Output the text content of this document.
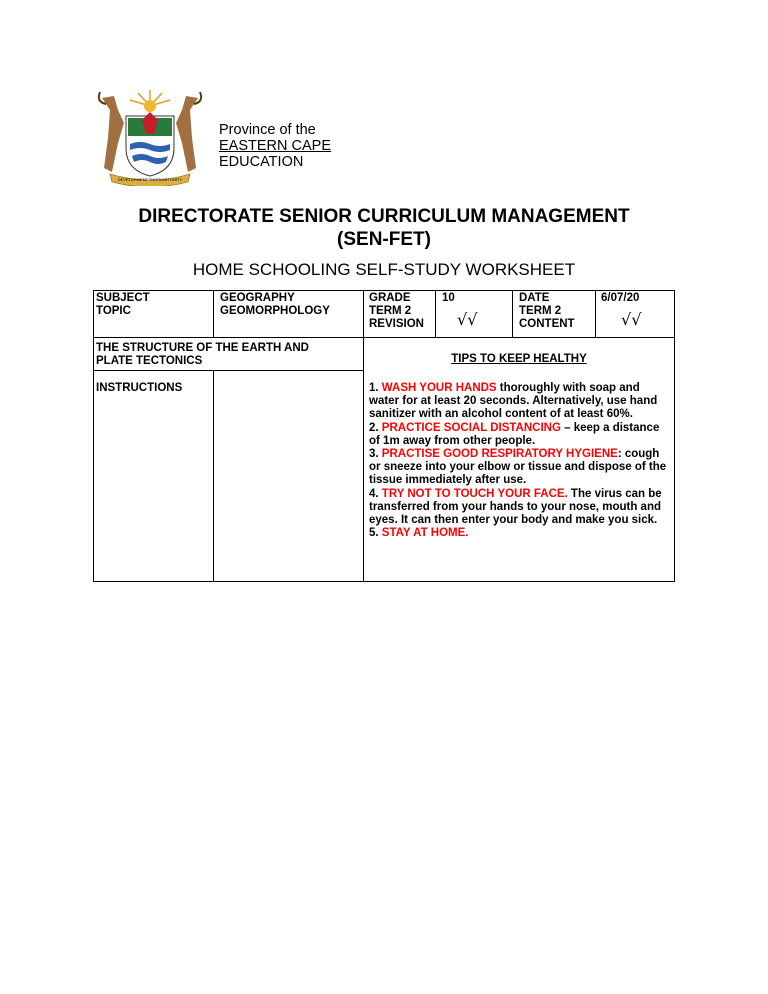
DEVELOPMENT THROUGH UNITY
Province of the
EASTERN CAPE
EDUCATION
DIRECTORATE SENIOR CURRICULUM MANAGEMENT
(SEN-FET)
HOME SCHOOLING SELF-STUDY WORKSHEET
SUBJECT
TOPIC
GEOGRAPHY
GEOMORPHOLOGY
GRADE
TERM 2
REVISION
10
√√
DATE
TERM 2
CONTENT
6/07/20
√√
THE STRUCTURE OF THE EARTH AND
PLATE TECTONICS
INSTRUCTIONS
TIPS TO KEEP HEALTHY

1. WASH YOUR HANDS thoroughly with soap and water for at least 20 seconds. Alternatively, use hand sanitizer with an alcohol content of at least 60%.

2. PRACTICE SOCIAL DISTANCING – keep a distance of 1m away from other people.

3. PRACTISE GOOD RESPIRATORY HYGIENE: cough or sneeze into your elbow or tissue and dispose of the tissue immediately after use.

4. TRY NOT TO TOUCH YOUR FACE. The virus can be transferred from your hands to your nose, mouth and eyes. It can then enter your body and make you sick.

5. STAY AT HOME.
